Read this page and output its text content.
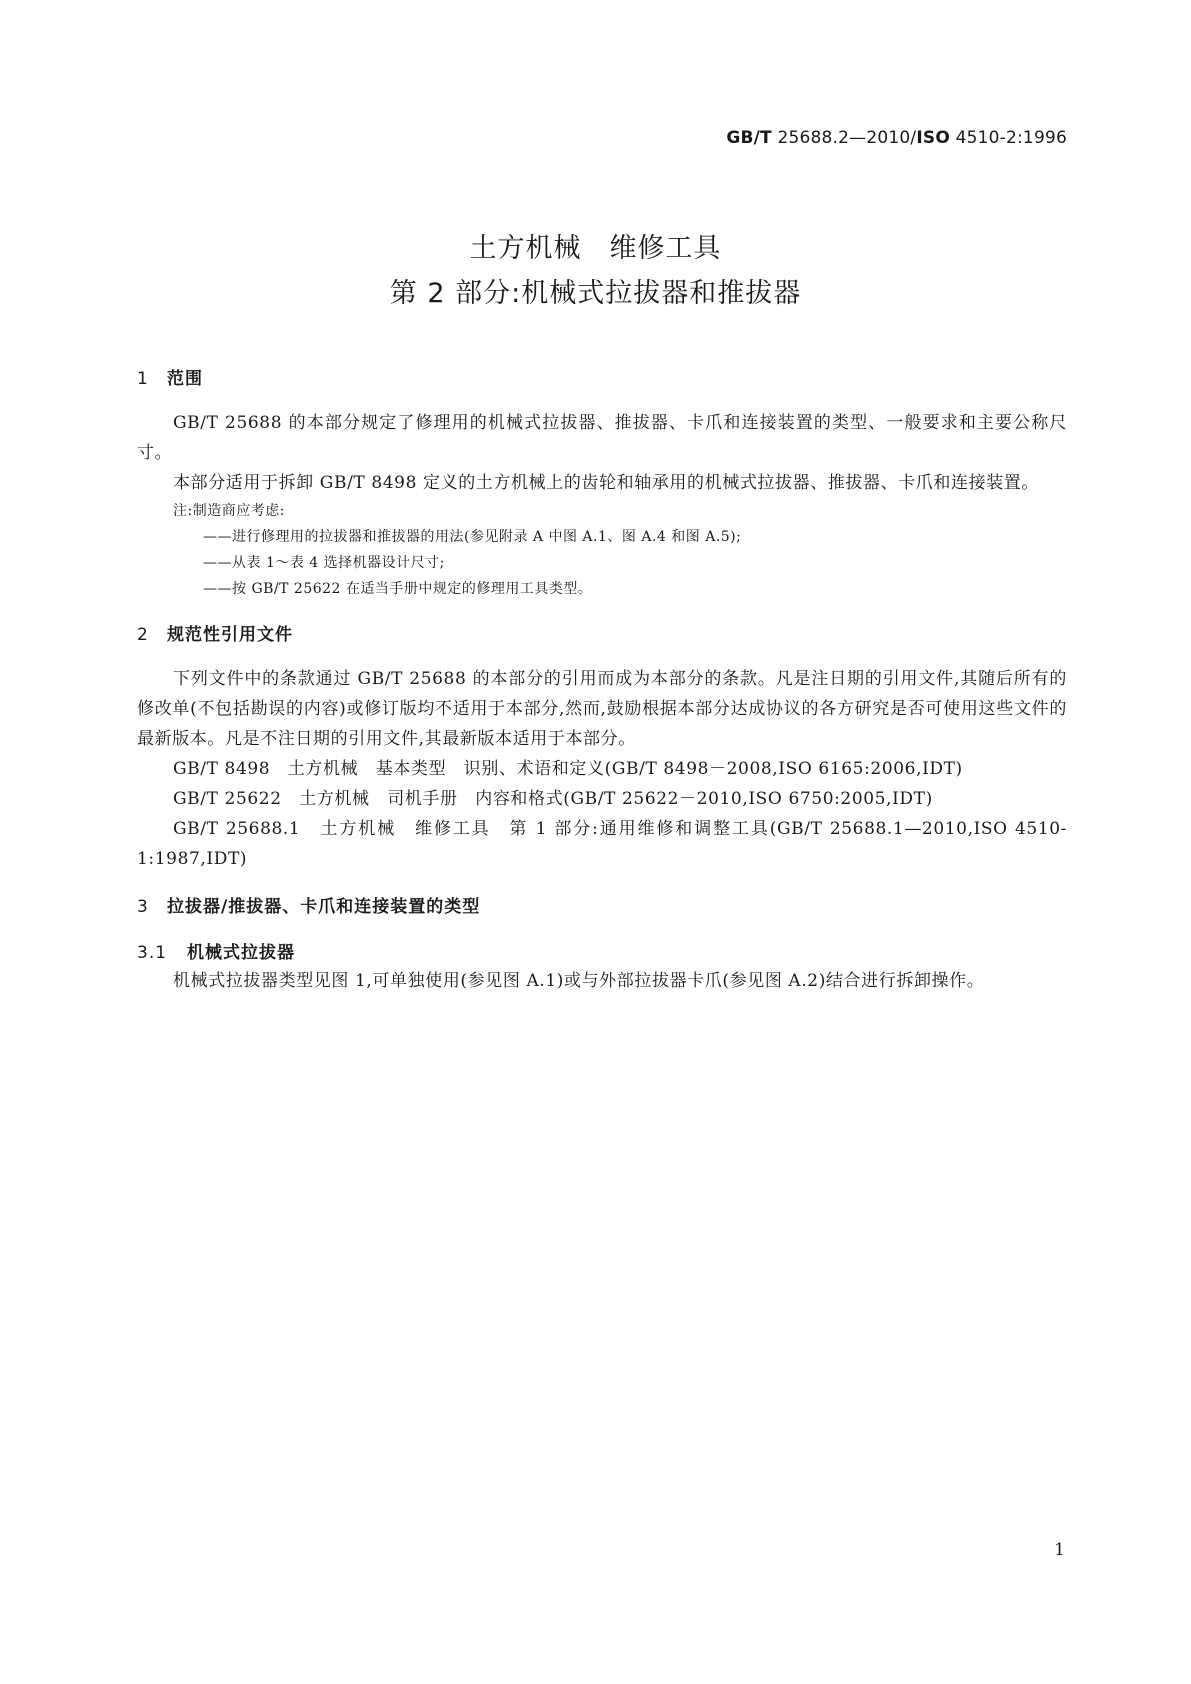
GB/T 25688.2—2010/ISO 4510-2:1996
土方机械　维修工具
第 2 部分:机械式拉拔器和推拔器
1 范围

GB/T 25688 的本部分规定了修理用的机械式拉拔器、推拔器、卡爪和连接装置的类型、一般要求和主要公称尺寸。

本部分适用于拆卸 GB/T 8498 定义的土方机械上的齿轮和轴承用的机械式拉拔器、推拔器、卡爪和连接装置。

注:制造商应考虑:

——进行修理用的拉拔器和推拔器的用法(参见附录 A 中图 A.1、图 A.4 和图 A.5);

——从表 1～表 4 选择机器设计尺寸;

——按 GB/T 25622 在适当手册中规定的修理用工具类型。

2 规范性引用文件

下列文件中的条款通过 GB/T 25688 的本部分的引用而成为本部分的条款。凡是注日期的引用文件,其随后所有的修改单(不包括勘误的内容)或修订版均不适用于本部分,然而,鼓励根据本部分达成协议的各方研究是否可使用这些文件的最新版本。凡是不注日期的引用文件,其最新版本适用于本部分。

GB/T 8498　土方机械　基本类型　识别、术语和定义(GB/T 8498－2008,ISO 6165:2006,IDT)

GB/T 25622　土方机械　司机手册　内容和格式(GB/T 25622－2010,ISO 6750:2005,IDT)

GB/T 25688.1　土方机械　维修工具　第 1 部分:通用维修和调整工具(GB/T 25688.1—2010,ISO 4510-1:1987,IDT)

3 拉拔器/推拔器、卡爪和连接装置的类型
3.1 机械式拉拔器

机械式拉拔器类型见图 1,可单独使用(参见图 A.1)或与外部拉拔器卡爪(参见图 A.2)结合进行拆卸操作。

1
